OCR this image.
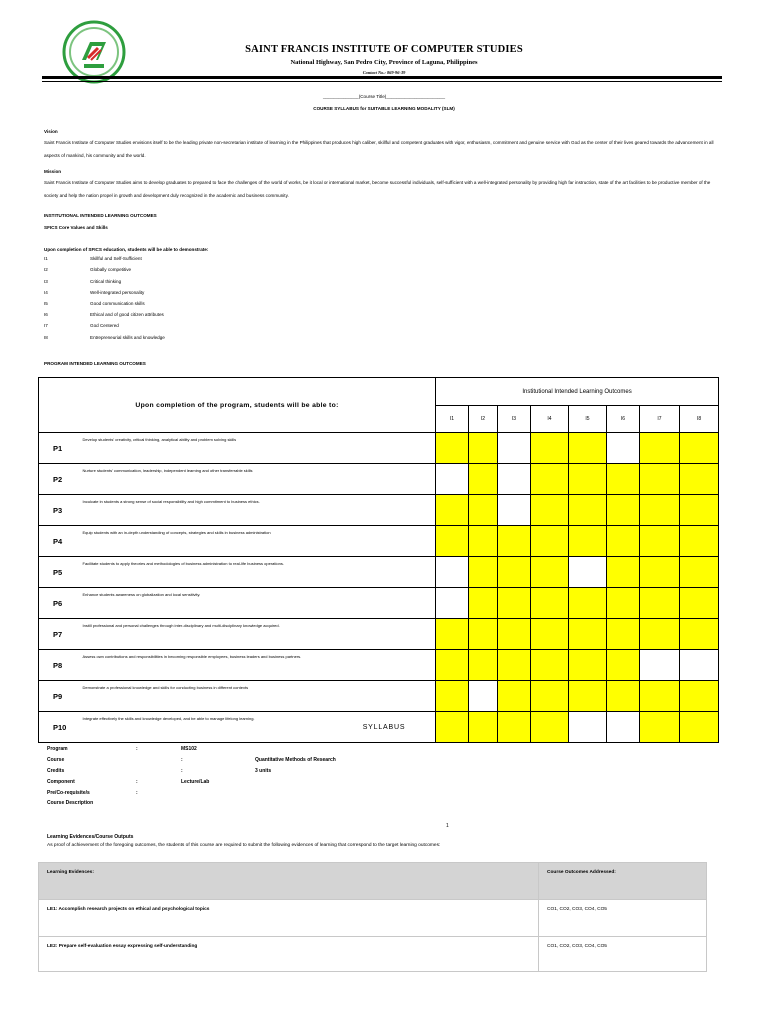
SAINT FRANCIS INSTITUTE OF COMPUTER STUDIES
National Highway, San Pedro City, Province of Laguna, Philippines
Contact No.: 869-96-39
______________(Course Title)_______________________
COURSE SYLLABUS for SUITABLE LEARNING MODALITY (SLM)
Vision
Saint Francis Institute of Computer Studies envisions itself to be the leading private non-secretarian institute of learning in the Philippines that produces high caliber, skillful and competent graduates with vigor, enthusiasm, commitment and genuine service with God as the center of their lives geared towards the advancement in all aspects of mankind, his community and the world.
Mission
Saint Francis Institute of Computer Studies aims to develop graduates to prepared to face the challenges of the world of works, be it local or international market, become successful individuals, self-sufficient with a well-integrated personality by providing high far instruction, state of the art facilities to be productive member of the society and help the nation propel in growth and development duly recognized in the academic and business community.
INSTITUTIONAL INTENDED LEARNING OUTCOMES
SFICS Core Values and Skills
Upon completion of SFICS education, students will be able to demonstrate:
I1	Skillful and Self-Sufficient
I2	Globally competitive
I3	Critical thinking
I4	Well-integrated personality
I5	Good communication skills
I6	Ethical and of good citizen attributes
I7	God Centered
I8	Entrepreneurial skills and knowledge
PROGRAM INTENDED LEARNING OUTCOMES
Upon completion of the program, students will be able to:		Institutional Intended Learning Outcomes							
		I1	I2	I3	I4	I5	I6	I7	I8
P1	Develop students' creativity, critical thinking, analytical ability and problem solving skills								
P2	Nurture students' communication, leadership, independent learning and other transferrable skills								
P3	Inculcate in students a strong sense of social responsibility and high commitment to business ethics.								
P4	Equip students with an in-depth understanding of concepts, strategies and skills in business administration								
P5	Facilitate students to apply theories and methodologies of business administration to real-life business operations.								
P6	Enhance students awareness on globalization and local sensitivity.								
P7	Instill professional and personal challenges through inter-disciplinary and multi-disciplinary knowledge acquired.								
P8	Assess own contributions and responsibilities in becoming responsible employees, business leaders and business partners.								
P9	Demonstrate a professional knowledge and skills for conducting business in different contexts								
P10	Integrate effectively the skills and knowledge developed, and be able to manage lifelong learning.								
SYLLABUS
Program	:	MS102
Course	:	Quantitative Methods of Research
Credits	:	3 units
Component	:	Lecture/Lab
Pre/Co-requisite/s	:
Course Description
1
Learning Evidences/Course Outputs
As proof of achievement of the foregoing outcomes, the students of this course are required to submit the following evidences of learning that correspond to the target learning outcomes:
Learning Evidences:	Course Outcomes Addressed:
LE1: Accomplish research projects on ethical and psychological topics	CO1, CO2, CO3, CO4, CO5
LE2: Prepare self-evaluation essay expressing self-understanding	CO1, CO2, CO3, CO4, CO5
